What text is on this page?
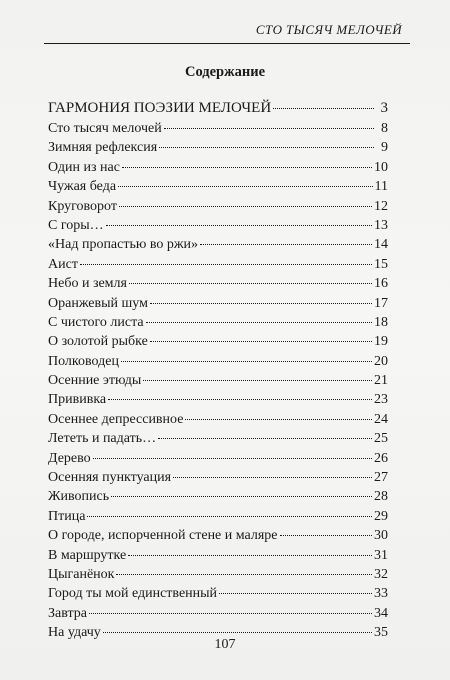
СТО ТЫСЯЧ МЕЛОЧЕЙ
Содержание
ГАРМОНИЯ ПОЭЗИИ МЕЛОЧЕЙ	3
Сто тысяч мелочей	8
Зимняя рефлексия	9
Один из нас	10
Чужая беда	11
Круговорот	12
С горы…	13
«Над пропастью во ржи»	14
Аист	15
Небо и земля	16
Оранжевый шум	17
С чистого листа	18
О золотой рыбке	19
Полководец	20
Осенние этюды	21
Прививка	23
Осеннее депрессивное	24
Лететь и падать…	25
Дерево	26
Осенняя пунктуация	27
Живопись	28
Птица	29
О городе, испорченной стене и маляре	30
В маршрутке	31
Цыганёнок	32
Город ты мой единственный	33
Завтра	34
На удачу	35
107
